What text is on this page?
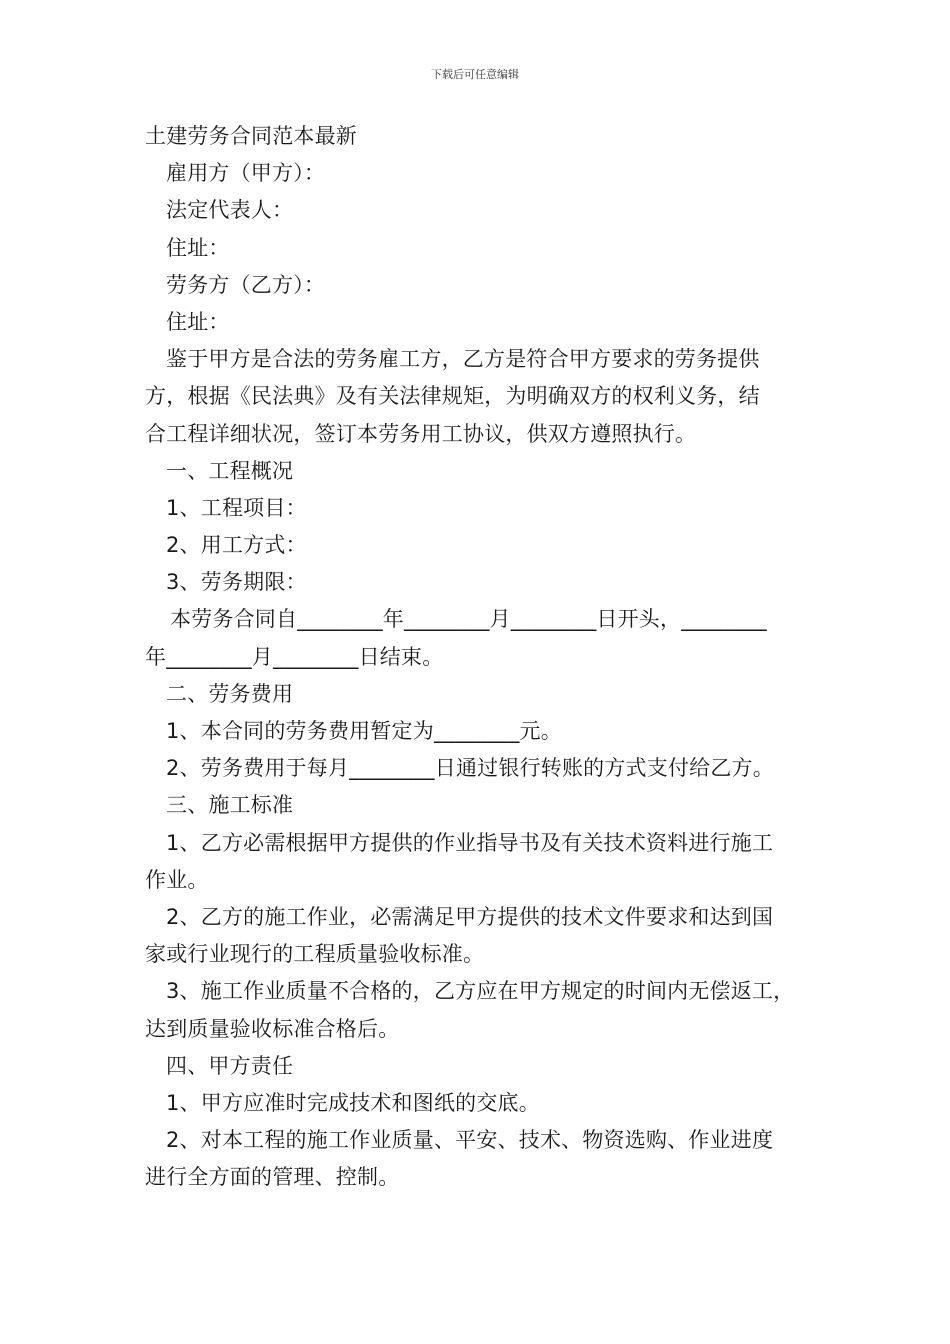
下载后可任意编辑
土建劳务合同范本最新
雇用方（甲方）：
法定代表人：
住址：
劳务方（乙方）：
住址：
鉴于甲方是合法的劳务雇工方，乙方是符合甲方要求的劳务提供
方，根据《民法典》及有关法律规矩，为明确双方的权利义务，结
合工程详细状况，签订本劳务用工协议，供双方遵照执行。
一、工程概况
1、工程项目：
2、用工方式：
3、劳务期限：
本劳务合同自________年________月________日开头，________
年________月________日结束。
二、劳务费用
1、本合同的劳务费用暂定为________元。
2、劳务费用于每月________日通过银行转账的方式支付给乙方。
三、施工标准
1、乙方必需根据甲方提供的作业指导书及有关技术资料进行施工
作业。
2、乙方的施工作业，必需满足甲方提供的技术文件要求和达到国
家或行业现行的工程质量验收标准。
3、施工作业质量不合格的，乙方应在甲方规定的时间内无偿返工，
达到质量验收标准合格后。
四、甲方责任
1、甲方应准时完成技术和图纸的交底。
2、对本工程的施工作业质量、平安、技术、物资选购、作业进度
进行全方面的管理、控制。
